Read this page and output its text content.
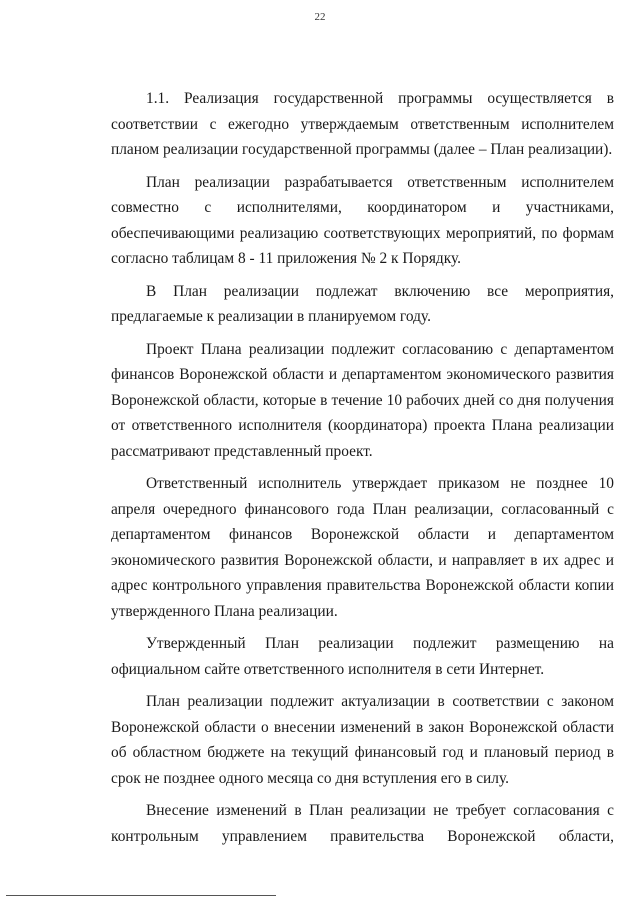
22

1.1. Реализация государственной программы осуществляется в соответствии с ежегодно утверждаемым ответственным исполнителем планом реализации государственной программы (далее – План реализации).

План реализации разрабатывается ответственным исполнителем совместно с исполнителями, координатором и участниками, обеспечивающими реализацию соответствующих мероприятий, по формам согласно таблицам 8 - 11 приложения № 2 к Порядку.

В План реализации подлежат включению все мероприятия, предлагаемые к реализации в планируемом году.

Проект Плана реализации подлежит согласованию с департаментом финансов Воронежской области и департаментом экономического развития Воронежской области, которые в течение 10 рабочих дней со дня получения от ответственного исполнителя (координатора) проекта Плана реализации рассматривают представленный проект.

Ответственный исполнитель утверждает приказом не позднее 10 апреля очередного финансового года План реализации, согласованный с департаментом финансов Воронежской области и департаментом экономического развития Воронежской области, и направляет в их адрес и адрес контрольного управления правительства Воронежской области копии утвержденного Плана реализации.

Утвержденный План реализации подлежит размещению на официальном сайте ответственного исполнителя в сети Интернет.

План реализации подлежит актуализации в соответствии с законом Воронежской области о внесении изменений в закон Воронежской области об областном бюджете на текущий финансовый год и плановый период в срок не позднее одного месяца со дня вступления его в силу.

Внесение изменений в План реализации не требует согласования с контрольным управлением правительства Воронежской области,
